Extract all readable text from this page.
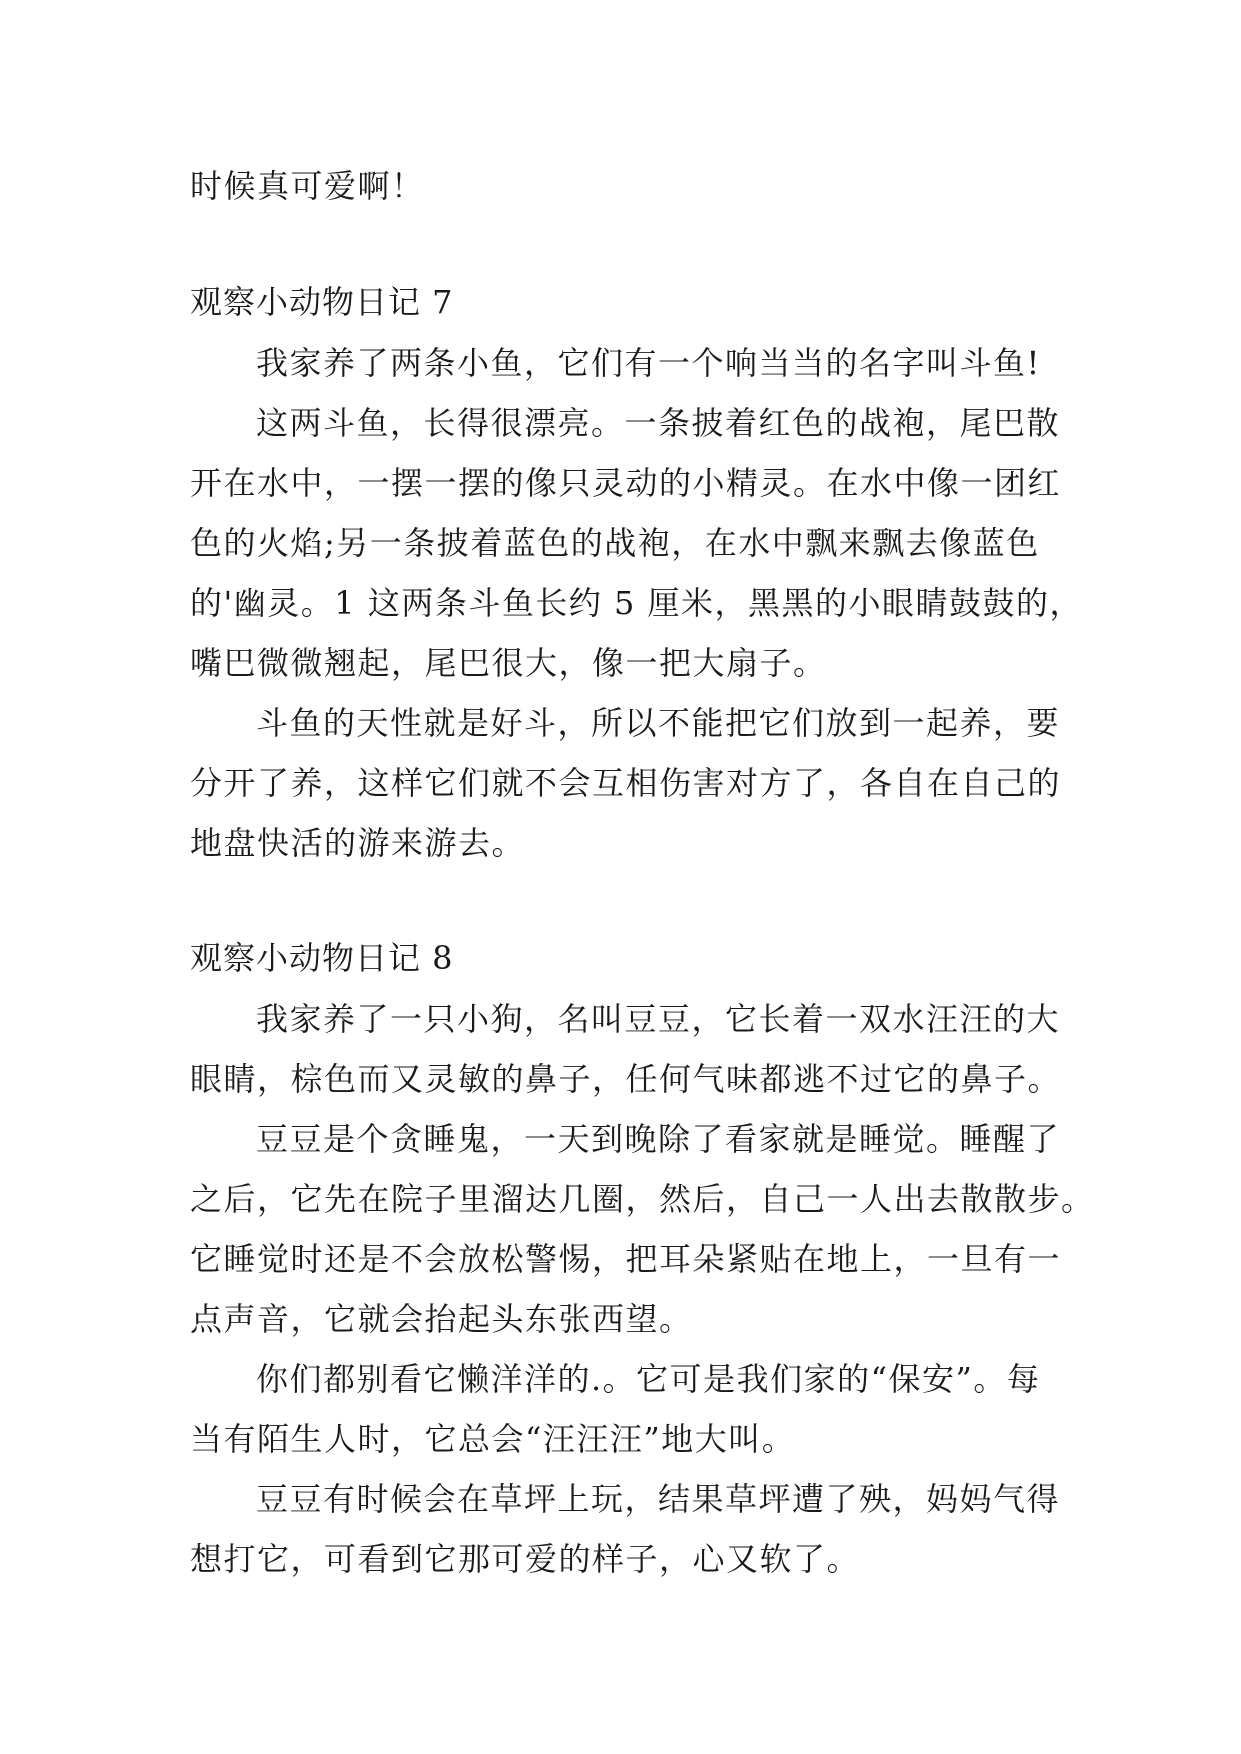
时候真可爱啊！

观察小动物日记 7

我家养了两条小鱼，它们有一个响当当的名字叫斗鱼!

这两斗鱼，长得很漂亮。一条披着红色的战袍，尾巴散

开在水中，一摆一摆的像只灵动的小精灵。在水中像一团红

色的火焰;另一条披着蓝色的战袍，在水中飘来飘去像蓝色

的'幽灵。1 这两条斗鱼长约 5 厘米，黑黑的小眼睛鼓鼓的，

嘴巴微微翘起，尾巴很大，像一把大扇子。

斗鱼的天性就是好斗，所以不能把它们放到一起养，要

分开了养，这样它们就不会互相伤害对方了，各自在自己的

地盘快活的游来游去。

观察小动物日记 8

我家养了一只小狗，名叫豆豆，它长着一双水汪汪的大

眼睛，棕色而又灵敏的鼻子，任何气味都逃不过它的鼻子。

豆豆是个贪睡鬼，一天到晚除了看家就是睡觉。睡醒了

之后，它先在院子里溜达几圈，然后，自己一人出去散散步。

它睡觉时还是不会放松警惕，把耳朵紧贴在地上，一旦有一

点声音，它就会抬起头东张西望。

你们都别看它懒洋洋的.。它可是我们家的“保安”。每

当有陌生人时，它总会“汪汪汪”地大叫。

豆豆有时候会在草坪上玩，结果草坪遭了殃，妈妈气得

想打它，可看到它那可爱的样子，心又软了。
